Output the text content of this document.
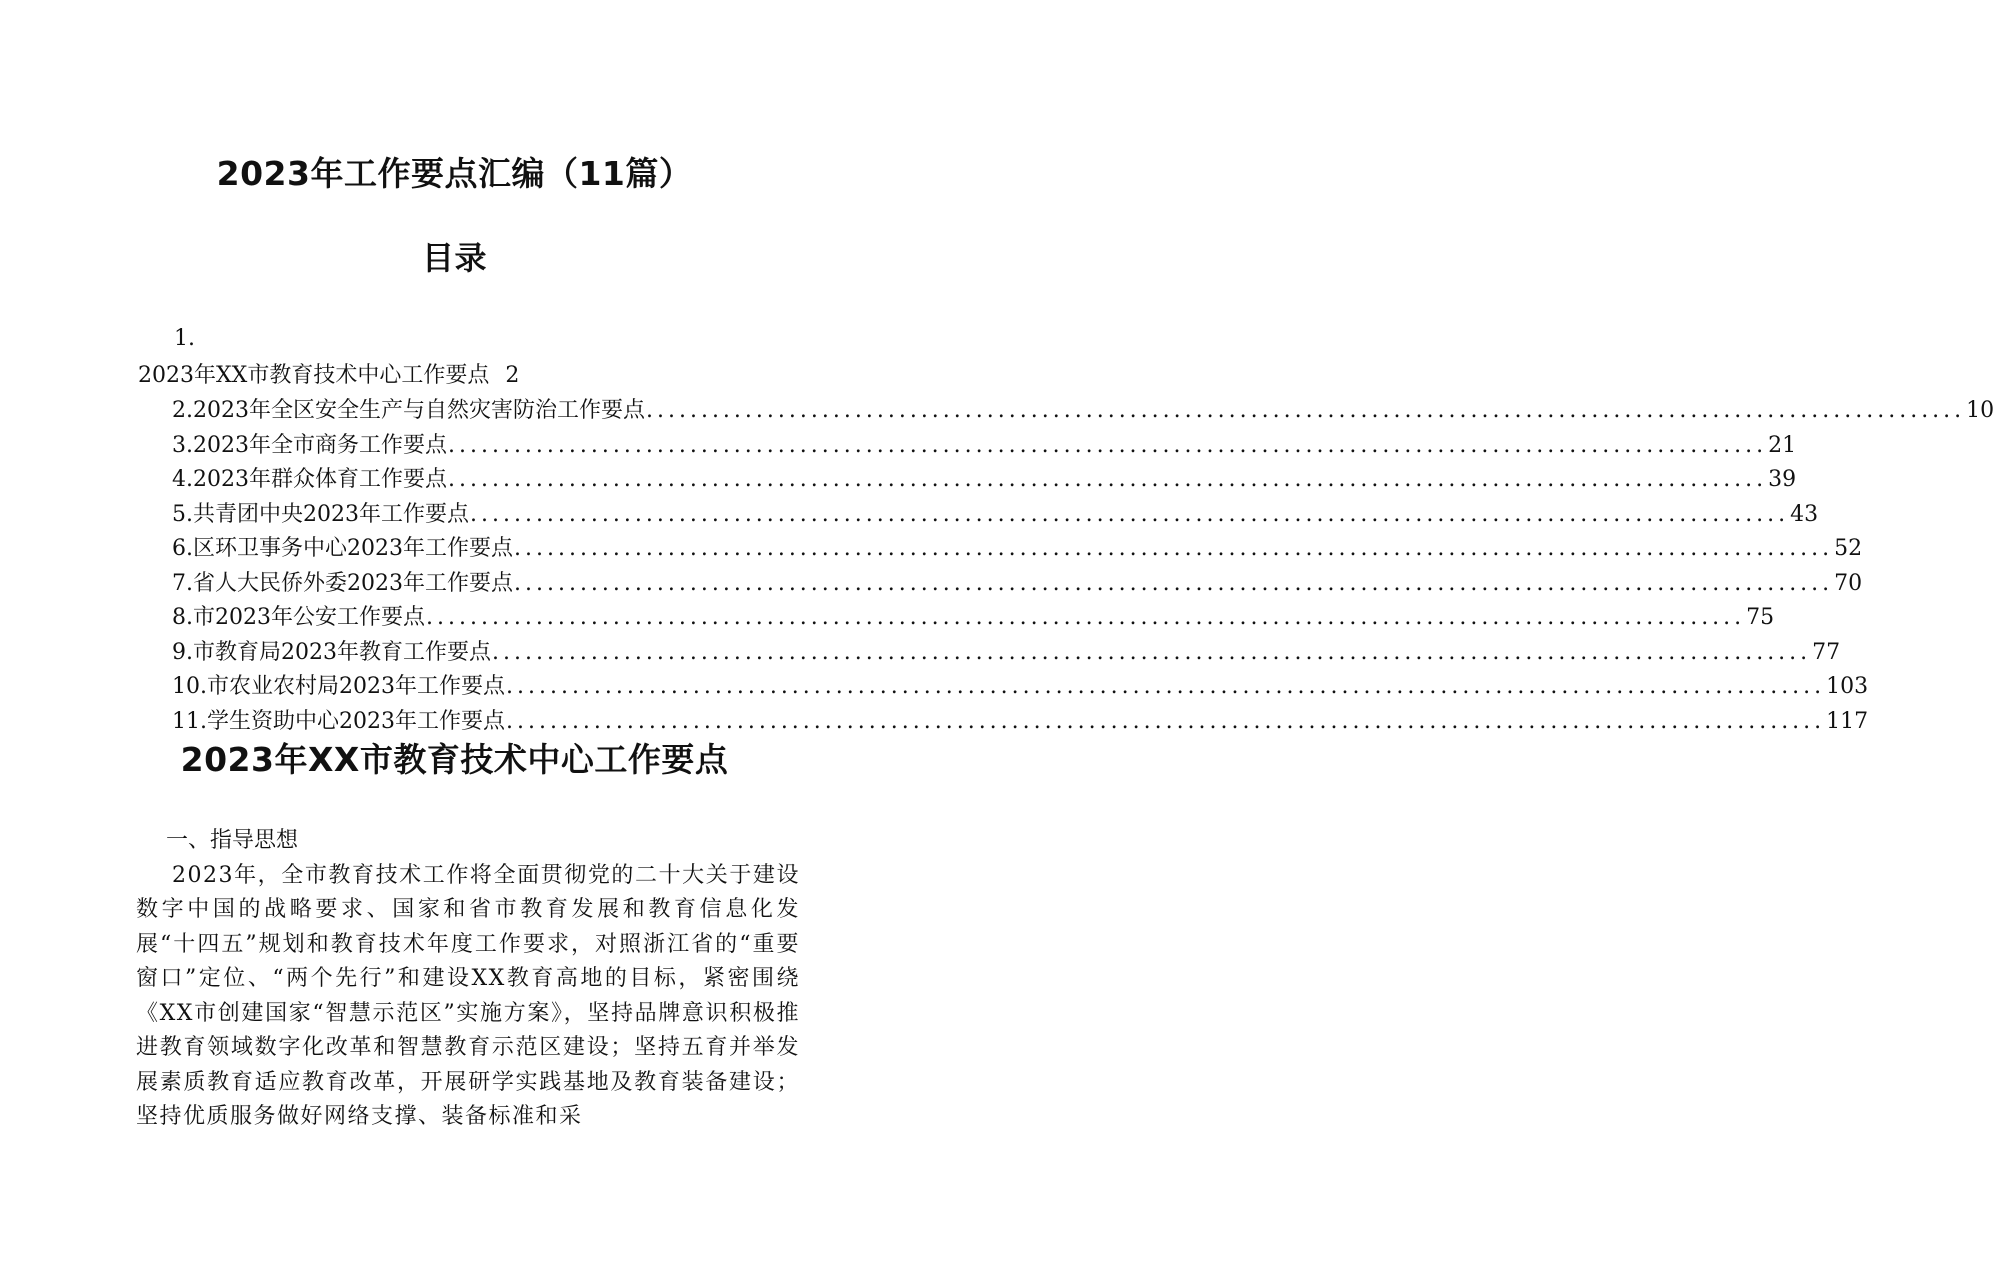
2023年工作要点汇编（11篇）
目录
1.
2023年XX市教育技术中心工作要点 2
2.2023年全区安全生产与自然灾害防治工作要点 ........................................................................................................................ 10
3.2023年全市商务工作要点 ........................................................................................................................ 21
4.2023年群众体育工作要点 ........................................................................................................................ 39
5.共青团中央2023年工作要点 ........................................................................................................................ 43
6.区环卫事务中心2023年工作要点 ........................................................................................................................ 52
7.省人大民侨外委2023年工作要点 ........................................................................................................................ 70
8.市2023年公安工作要点 ........................................................................................................................ 75
9.市教育局2023年教育工作要点 ........................................................................................................................ 77
10.市农业农村局2023年工作要点 ........................................................................................................................ 103
11.学生资助中心2023年工作要点 ........................................................................................................................ 117
2023年XX市教育技术中心工作要点

一、指导思想

2023年，全市教育技术工作将全面贯彻党的二十大关于建设数字中国的战略要求、国家和省市教育发展和教育信息化发展“十四五”规划和教育技术年度工作要求，对照浙江省的“重要窗口”定位、“两个先行”和建设XX教育高地的目标，紧密围绕《XX市创建国家“智慧示范区”实施方案》，坚持品牌意识积极推进教育领域数字化改革和智慧教育示范区建设；坚持五育并举发展素质教育适应教育改革，开展研学实践基地及教育装备建设；坚持优质服务做好网络支撑、装备标准和采
